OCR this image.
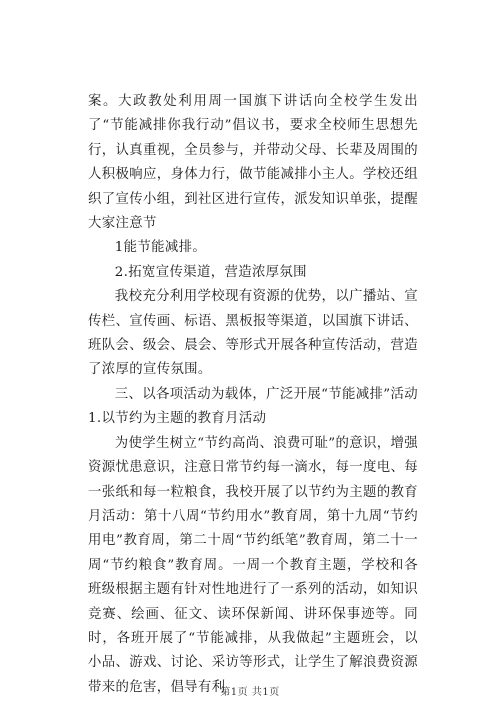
案。大政教处利用周一国旗下讲话向全校学生发出了“节能减排你我行动”倡议书，要求全校师生思想先行，认真重视，全员参与，并带动父母、长辈及周围的人积极响应，身体力行，做节能减排小主人。学校还组织了宣传小组，到社区进行宣传，派发知识单张，提醒大家注意节

1能节能减排。

2.拓宽宣传渠道，营造浓厚氛围

我校充分利用学校现有资源的优势，以广播站、宣传栏、宣传画、标语、黑板报等渠道，以国旗下讲话、班队会、级会、晨会、等形式开展各种宣传活动，营造了浓厚的宣传氛围。

三、以各项活动为载体，广泛开展“节能减排”活动1.以节约为主题的教育月活动

为使学生树立“节约高尚、浪费可耻”的意识，增强资源忧患意识，注意日常节约每一滴水，每一度电、每一张纸和每一粒粮食，我校开展了以节约为主题的教育月活动：第十八周“节约用水”教育周，第十九周“节约用电”教育周，第二十周“节约纸笔”教育周，第二十一周“节约粮食”教育周。一周一个教育主题，学校和各班级根据主题有针对性地进行了一系列的活动，如知识竞赛、绘画、征文、读环保新闻、讲环保事迹等。同时，各班开展了“节能减排，从我做起”主题班会，以小品、游戏、讨论、采访等形式，让学生了解浪费资源带来的危害，倡导有利

第1页 共1页
